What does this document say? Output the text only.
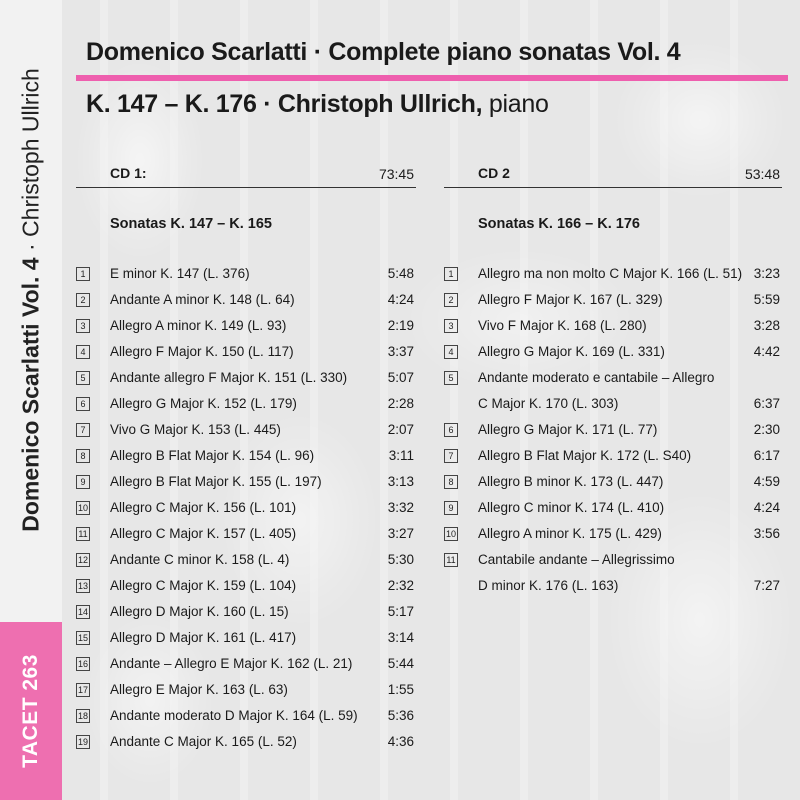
Domenico Scarlatti Vol. 4 · Christoph Ullrich
TACET 263
Domenico Scarlatti · Complete piano sonatas Vol. 4
K. 147 – K. 176 · Christoph Ullrich, piano
CD 1:	73:45
Sonatas K. 147 – K. 165
1	E minor K. 147 (L. 376)	5:48
2	Andante A minor K. 148 (L. 64)	4:24
3	Allegro A minor K. 149 (L. 93)	2:19
4	Allegro F Major K. 150 (L. 117)	3:37
5	Andante allegro F Major K. 151 (L. 330)	5:07
6	Allegro G Major K. 152 (L. 179)	2:28
7	Vivo G Major K. 153 (L. 445)	2:07
8	Allegro B Flat Major K. 154 (L. 96)	3:11
9	Allegro B Flat Major K. 155 (L. 197)	3:13
10 Allegro C Major K. 156 (L. 101)	3:32
11 Allegro C Major K. 157 (L. 405)	3:27
12 Andante C minor K. 158 (L. 4)	5:30
13 Allegro C Major K. 159 (L. 104)	2:32
14 Allegro D Major K. 160 (L. 15)	5:17
15 Allegro D Major K. 161 (L. 417)	3:14
16 Andante – Allegro E Major K. 162 (L. 21)	5:44
17 Allegro E Major K. 163 (L. 63)	1:55
18 Andante moderato D Major K. 164 (L. 59) 5:36
19 Andante C Major K. 165 (L. 52)	4:36
CD 2	53:48
Sonatas K. 166 – K. 176
1	Allegro ma non molto C Major K. 166 (L. 51) 3:23
2	Allegro F Major K. 167 (L. 329)	5:59
3	Vivo F Major K. 168 (L. 280)	3:28
4	Allegro G Major K. 169 (L. 331)	4:42
5	Andante moderato e cantabile – Allegro
C Major K. 170 (L. 303)	6:37
6	Allegro G Major K. 171 (L. 77)	2:30
7	Allegro B Flat Major K. 172 (L. S40)	6:17
8	Allegro B minor K. 173 (L. 447)	4:59
9	Allegro C minor K. 174 (L. 410)	4:24
10 Allegro A minor K. 175 (L. 429)	3:56
11 Cantabile andante – Allegrissimo
D minor K. 176 (L. 163)	7:27
